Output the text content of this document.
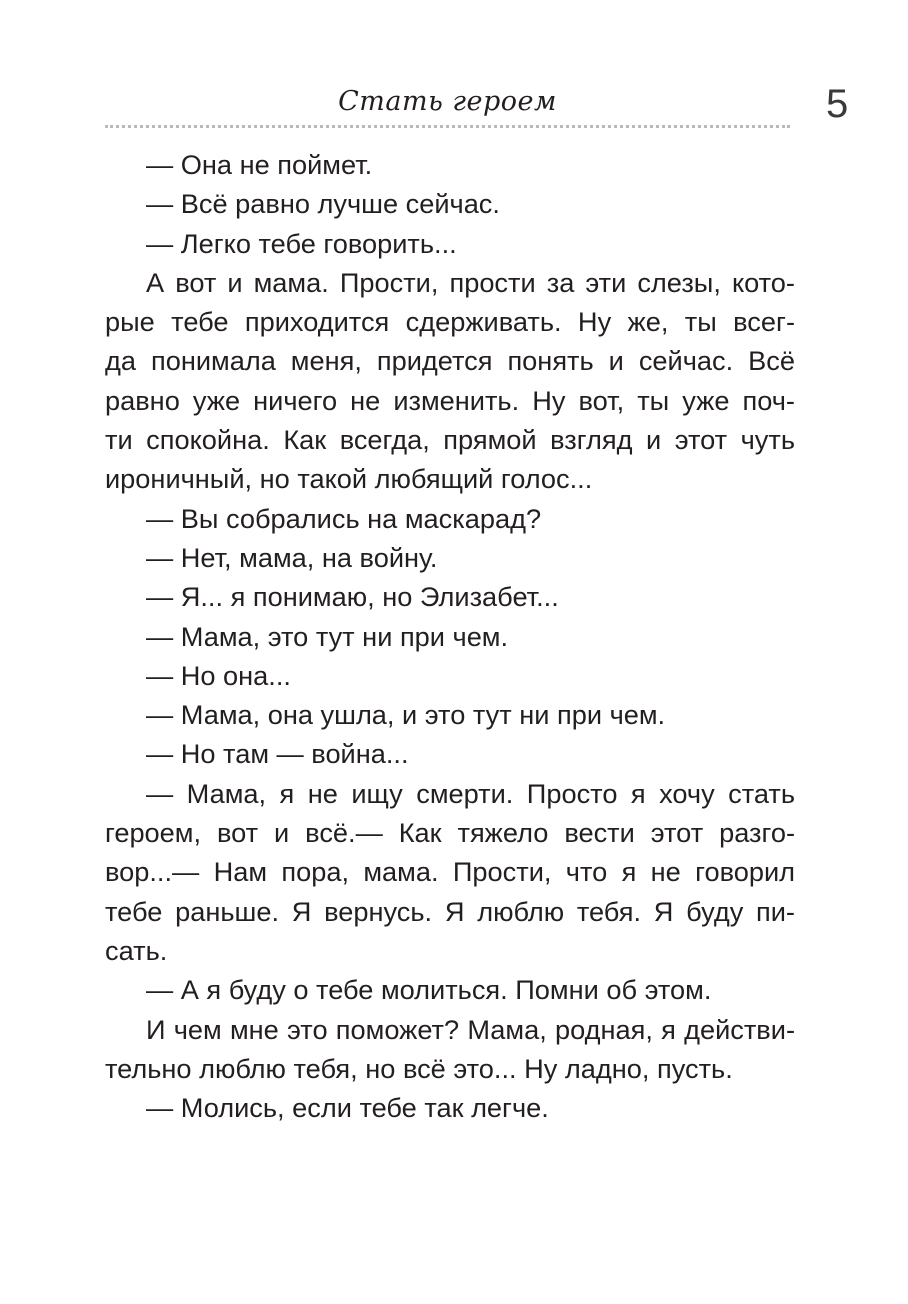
Стать героем	5
— Она не поймет.
— Всё равно лучше сейчас.
— Легко тебе говорить...
А вот и мама. Прости, прости за эти слезы, кото-
рые тебе приходится сдерживать. Ну же, ты всег-
да понимала меня, придется понять и сейчас. Всё
равно уже ничего не изменить. Ну вот, ты уже поч-
ти спокойна. Как всегда, прямой взгляд и этот чуть
ироничный, но такой любящий голос...
— Вы собрались на маскарад?
— Нет, мама, на войну.
— Я... я понимаю, но Элизабет...
— Мама, это тут ни при чем.
— Но она...
— Мама, она ушла, и это тут ни при чем.
— Но там — война...
— Мама, я не ищу смерти. Просто я хочу стать
героем, вот и всё.— Как тяжело вести этот разго-
вор...— Нам пора, мама. Прости, что я не говорил
тебе раньше. Я вернусь. Я люблю тебя. Я буду пи-
сать.
— А я буду о тебе молиться. Помни об этом.
И чем мне это поможет? Мама, родная, я действи-
тельно люблю тебя, но всё это... Ну ладно, пусть.
— Молись, если тебе так легче.
